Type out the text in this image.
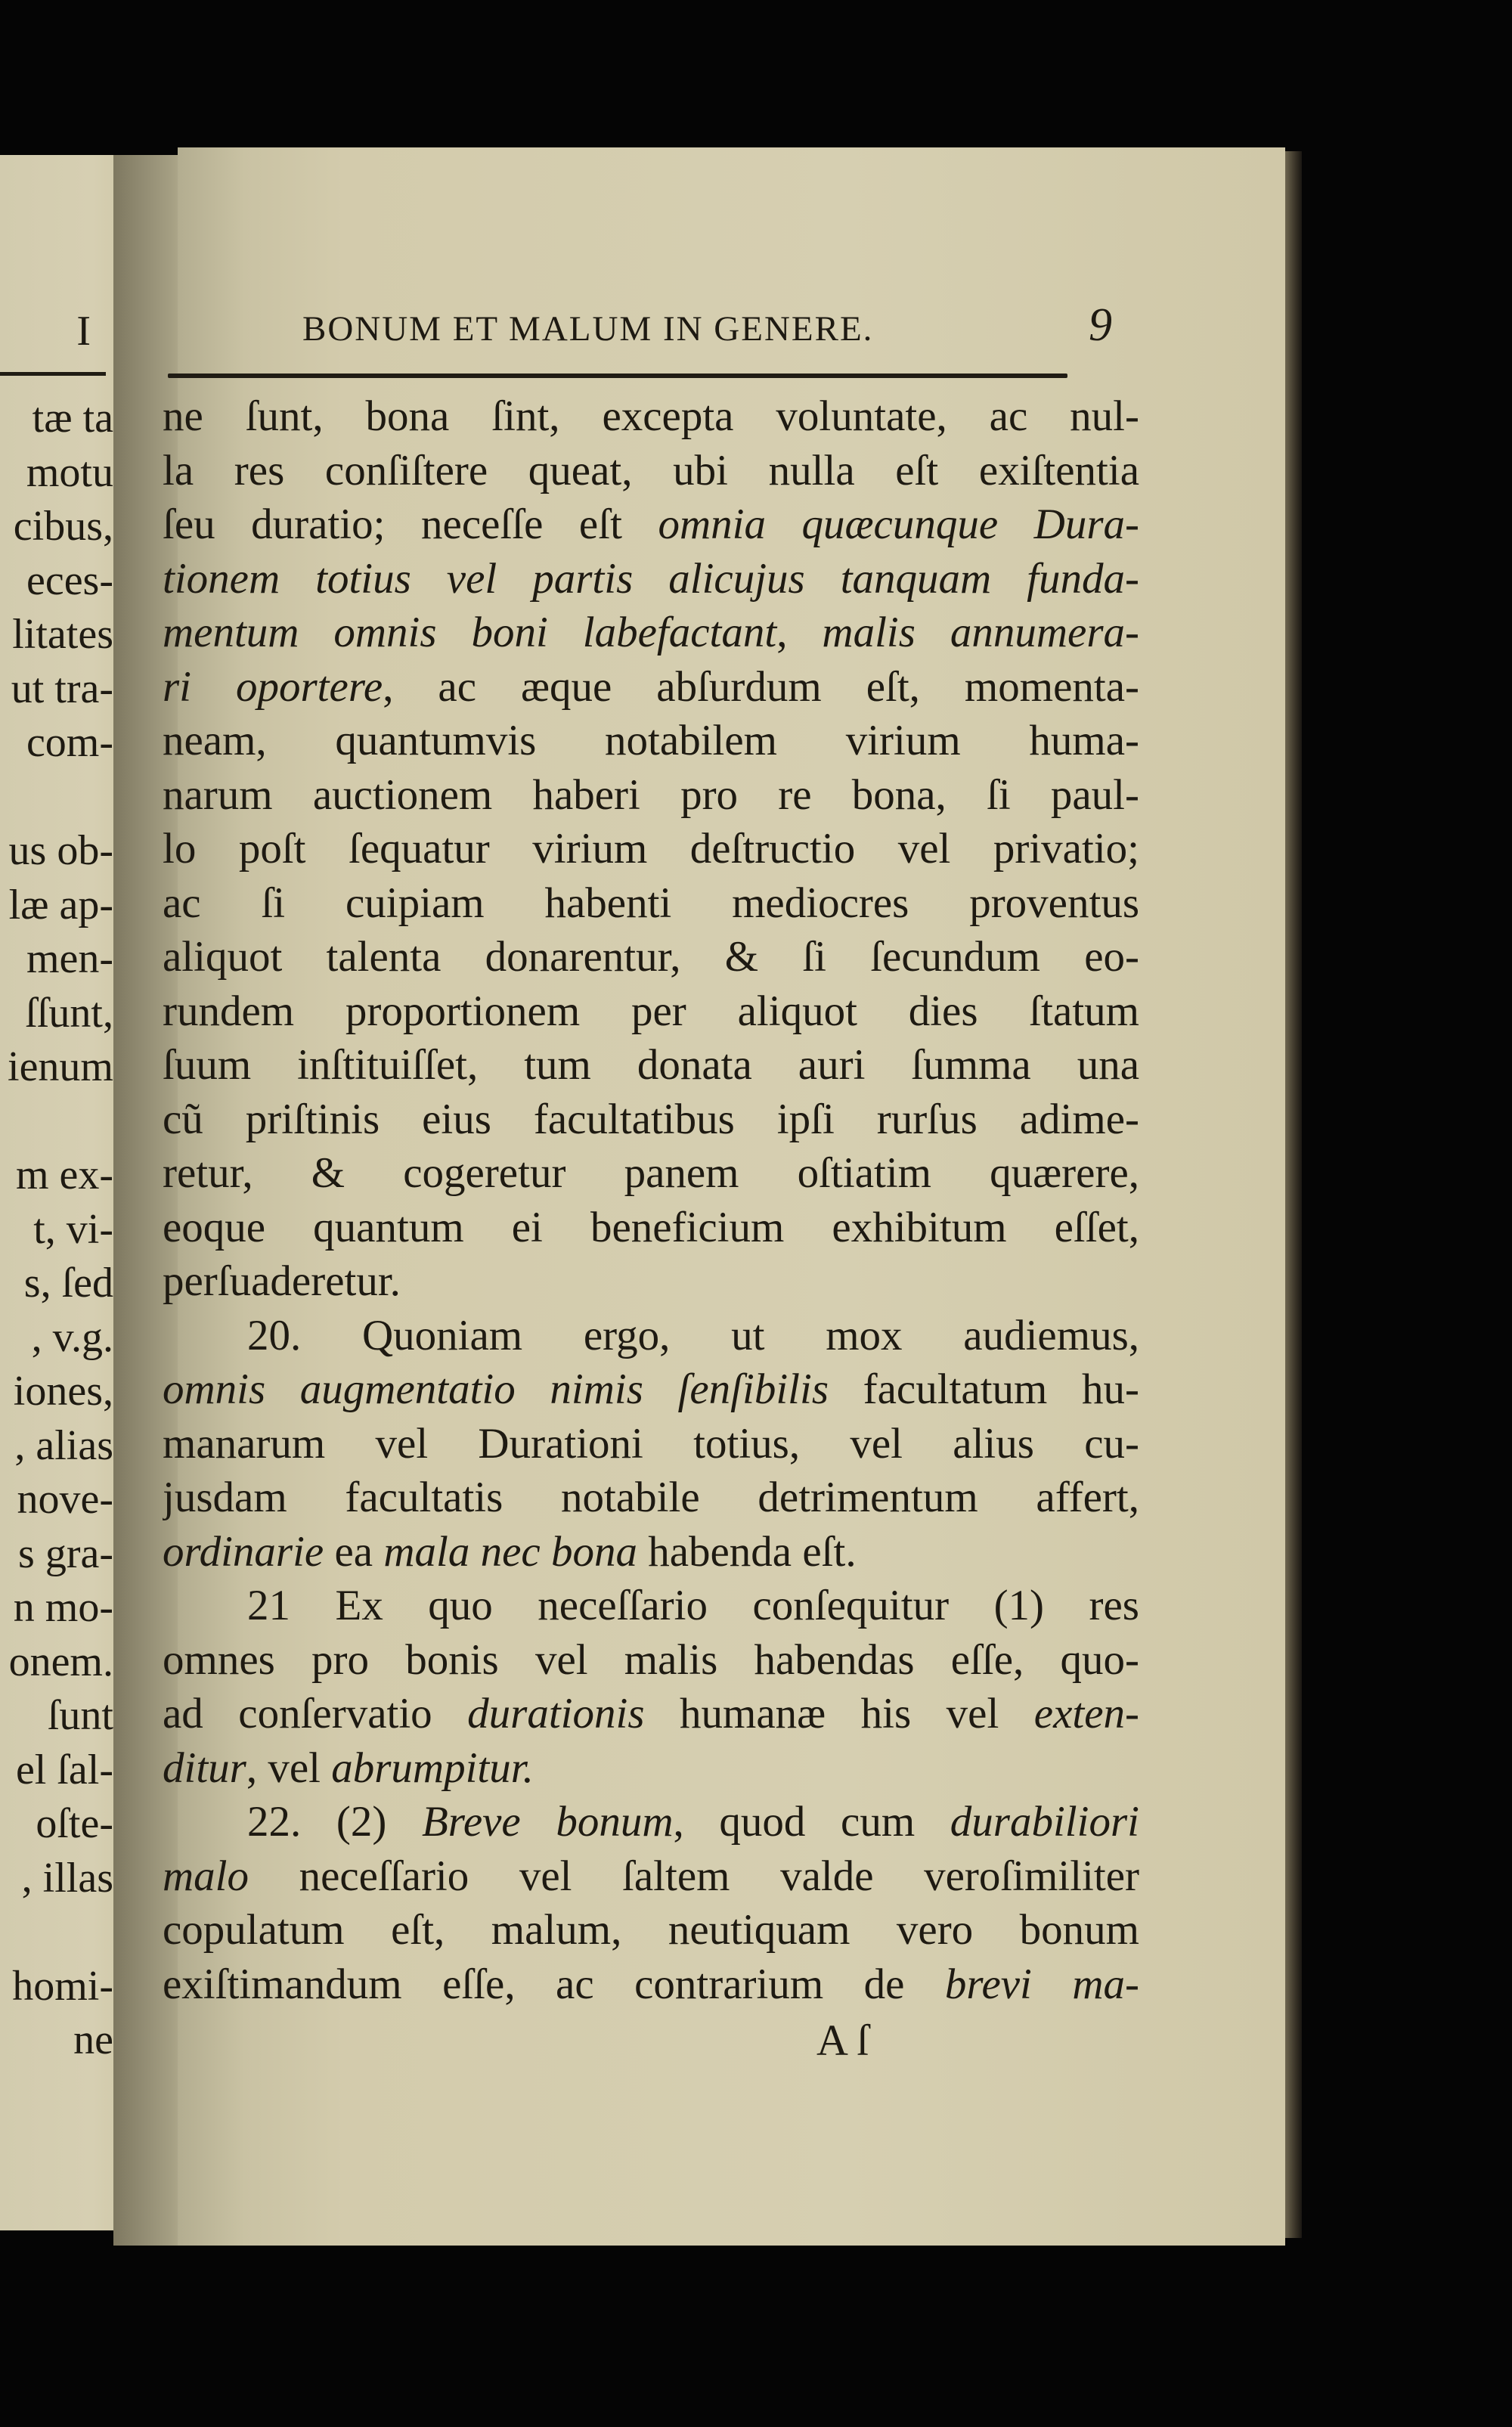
tæ ta
motu
cibus,
eces-
litates
ut tra-
com-
us ob-
læ ap-
men-
ſſunt,
ienum
m ex-
t, vi-
s, ſed
, v.g.
iones,
, alias
nove-
s gra-
n mo-
onem.
ſunt
el ſal-
oſte-
, illas
homi-
ne
I	BONUM ET MALUM IN GENERE.	9
ne ſunt, bona ſint, excepta voluntate, ac nul-
la res conſiſtere queat, ubi nulla eſt exiſtentia
ſeu duratio; neceſſe eſt omnia quæcunque Dura-
tionem totius vel partis alicujus tanquam funda-
mentum omnis boni labefactant, malis annumera-
ri oportere, ac æque abſurdum eſt, momenta-
neam, quantumvis notabilem virium huma-
narum auctionem haberi pro re bona, ſi paul-
lo poſt ſequatur virium deſtructio vel privatio;
ac ſi cuipiam habenti mediocres proventus
aliquot talenta donarentur, & ſi ſecundum eo-
rundem proportionem per aliquot dies ſtatum
ſuum inſtituiſſet, tum donata auri ſumma una
cũ priſtinis eius facultatibus ipſi rurſus adime-
retur, & cogeretur panem oſtiatim quærere,
eoque quantum ei beneficium exhibitum eſſet,
perſuaderetur.
20. Quoniam ergo, ut mox audiemus,
omnis augmentatio nimis ſenſibilis facultatum hu-
manarum vel Durationi totius, vel alius cu-
jusdam facultatis notabile detrimentum affert,
ordinarie ea mala nec bona habenda eſt.
21 Ex quo neceſſario conſequitur (1) res
omnes pro bonis vel malis habendas eſſe, quo-
ad conſervatio durationis humanæ his vel exten-
ditur, vel abrumpitur.
22. (2) Breve bonum, quod cum durabiliori
malo neceſſario vel ſaltem valde veroſimiliter
copulatum eſt, malum, neutiquam vero bonum
exiſtimandum eſſe, ac contrarium de brevi ma-
A ſ
